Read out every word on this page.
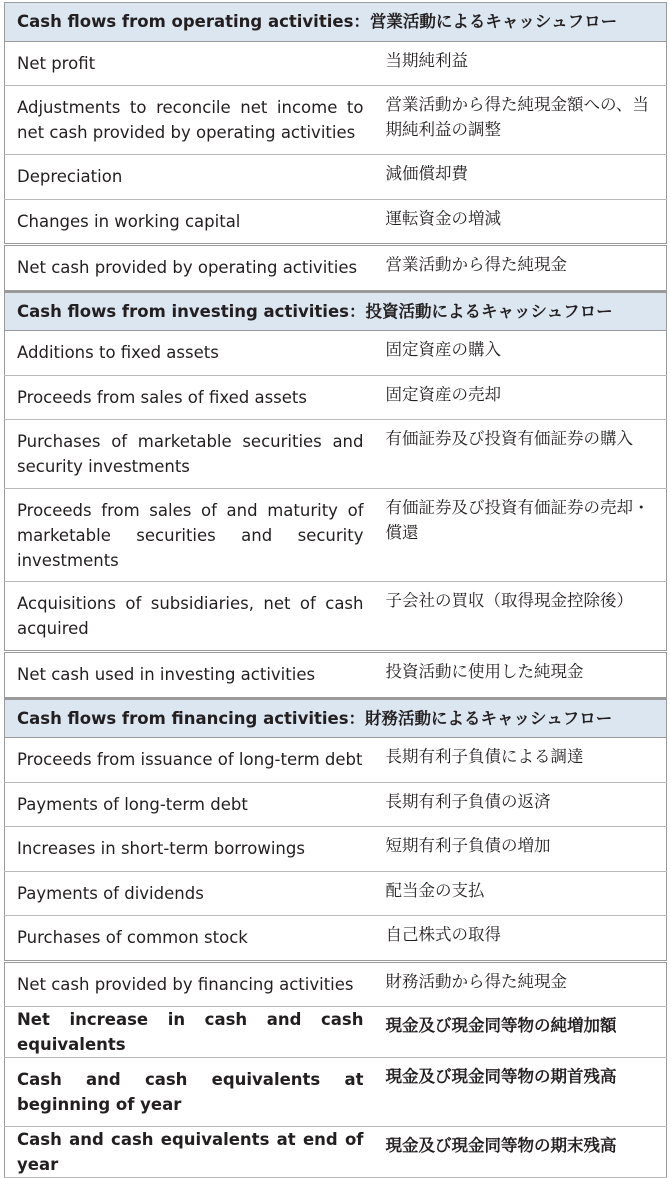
Cash flows from operating activities：営業活動によるキャッシュフロー	
Net profit	当期純利益
Adjustments to reconcile net income to net cash provided by operating activities	営業活動から得た純現金額への、当期純利益の調整
Depreciation	減価償却費
Changes in working capital	運転資金の増減
Net cash provided by operating activities	営業活動から得た純現金
Cash flows from investing activities：投資活動によるキャッシュフロー	
Additions to fixed assets	固定資産の購入
Proceeds from sales of fixed assets	固定資産の売却
Purchases of marketable securities and security investments	有価証券及び投資有価証券の購入
Proceeds from sales of and maturity of marketable securities and security investments	有価証券及び投資有価証券の売却・償還
Acquisitions of subsidiaries, net of cash acquired	子会社の買収（取得現金控除後）
Net cash used in investing activities	投資活動に使用した純現金
Cash flows from financing activities：財務活動によるキャッシュフロー	
Proceeds from issuance of long-term debt	長期有利子負債による調達
Payments of long-term debt	長期有利子負債の返済
Increases in short-term borrowings	短期有利子負債の増加
Payments of dividends	配当金の支払
Purchases of common stock	自己株式の取得
Net cash provided by financing activities	財務活動から得た純現金
Net increase in cash and cash equivalents	現金及び現金同等物の純増加額
Cash and cash equivalents at beginning of year	現金及び現金同等物の期首残高
Cash and cash equivalents at end of year	現金及び現金同等物の期末残高
